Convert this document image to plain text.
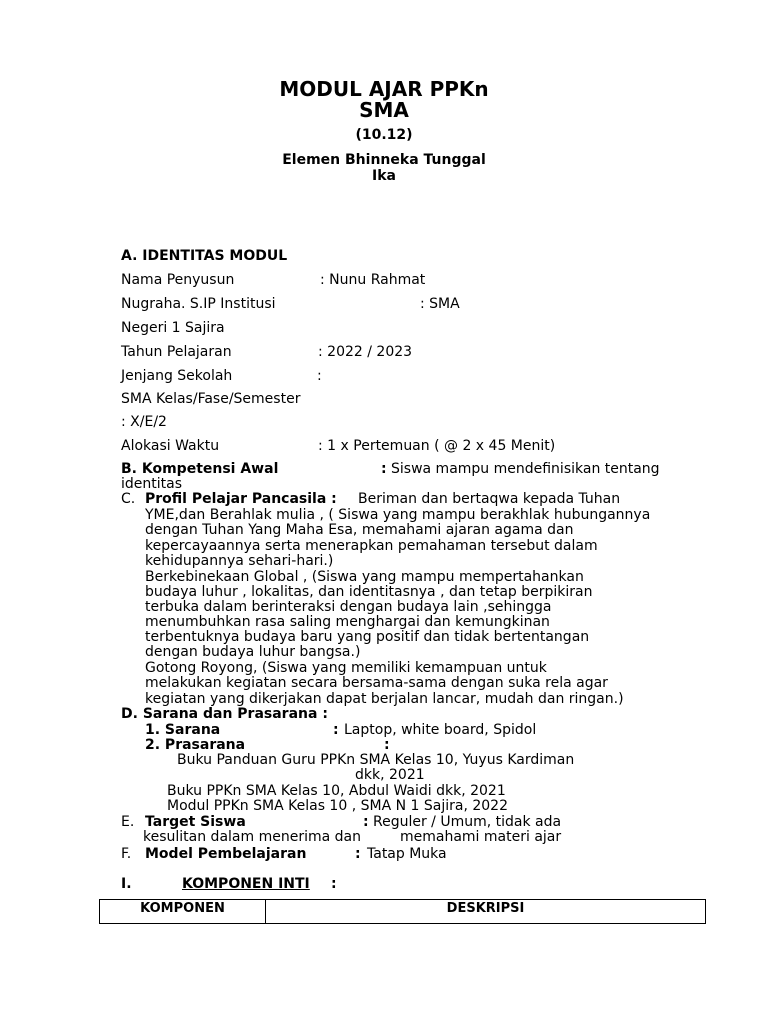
MODUL AJAR PPKn
SMA
(10.12)
Elemen Bhinneka Tunggal
Ika
A. IDENTITAS MODUL
Nama Penyusun	: Nunu Rahmat
Nugraha. S.IP Institusi	: SMA
Negeri 1 Sajira
Tahun Pelajaran	: 2022 / 2023
Jenjang Sekolah	:
SMA Kelas/Fase/Semester
: X/E/2
Alokasi Waktu	: 1 x Pertemuan ( @ 2 x 45 Menit)
B. Kompetensi Awal	: Siswa mampu mendefinisikan tentang
identitas
C. Profil Pelajar Pancasila : Beriman dan bertaqwa kepada Tuhan
YME,dan Berahlak mulia , ( Siswa yang mampu berakhlak hubungannya
dengan Tuhan Yang Maha Esa, memahami ajaran agama dan
kepercayaannya serta menerapkan pemahaman tersebut dalam
kehidupannya sehari-hari.)
Berkebinekaan Global , (Siswa yang mampu mempertahankan
budaya luhur , lokalitas, dan identitasnya , dan tetap berpikiran
terbuka dalam berinteraksi dengan budaya lain ,sehingga
menumbuhkan rasa saling menghargai dan kemungkinan
terbentuknya budaya baru yang positif dan tidak bertentangan
dengan budaya luhur bangsa.)
Gotong Royong, (Siswa yang memiliki kemampuan untuk
melakukan kegiatan secara bersama-sama dengan suka rela agar
kegiatan yang dikerjakan dapat berjalan lancar, mudah dan ringan.)
D. Sarana dan Prasarana :
1. Sarana	: Laptop, white board, Spidol
2. Prasarana	:
Buku Panduan Guru PPKn SMA Kelas 10, Yuyus Kardiman
dkk, 2021
Buku PPKn SMA Kelas 10, Abdul Waidi dkk, 2021
Modul PPKn SMA Kelas 10 , SMA N 1 Sajira, 2022
E. Target Siswa	: Reguler / Umum, tidak ada
kesulitan dalam menerima dan	memahami materi ajar
F. Model Pembelajaran	: Tatap Muka
I.	KOMPONEN INTI :
KOMPONEN	DESKRIPSI
